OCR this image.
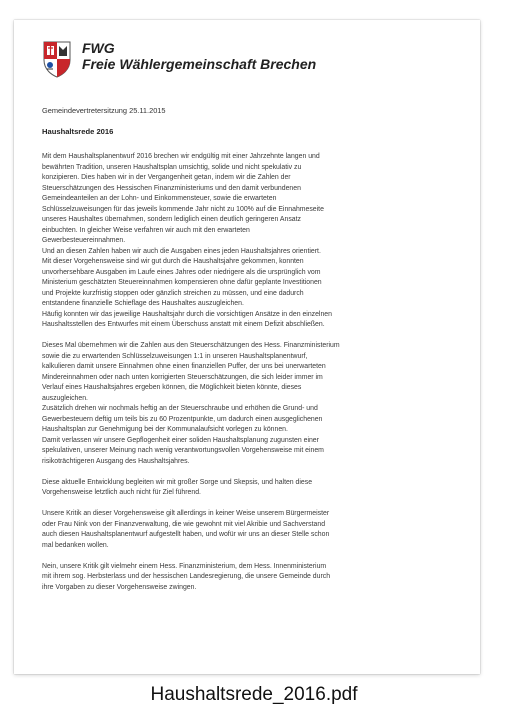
FWG
Freie Wählergemeinschaft Brechen
Gemeindevertretersitzung 25.11.2015
Haushaltsrede 2016

Mit dem Haushaltsplanentwurf 2016 brechen wir endgültig mit einer Jahrzehnte langen und

bewährten Tradition, unseren Haushaltsplan umsichtig, solide und nicht spekulativ zu

konzipieren. Dies haben wir in der Vergangenheit getan, indem wir die Zahlen der

Steuerschätzungen des Hessischen Finanzministeriums und den damit verbundenen

Gemeindeanteilen an der Lohn- und Einkommensteuer, sowie die erwarteten

Schlüsselzuweisungen für das jeweils kommende Jahr nicht zu 100% auf die Einnahmeseite

unseres Haushaltes übernahmen, sondern lediglich einen deutlich geringeren Ansatz

einbuchten. In gleicher Weise verfahren wir auch mit den erwarteten

Gewerbesteuereinnahmen.

Und an diesen Zahlen haben wir auch die Ausgaben eines jeden Haushaltsjahres orientiert.

Mit dieser Vorgehensweise sind wir gut durch die Haushaltsjahre gekommen, konnten

unvorhersehbare Ausgaben im Laufe eines Jahres oder niedrigere als die ursprünglich vom

Ministerium geschätzten Steuereinnahmen kompensieren ohne dafür geplante Investitionen

und Projekte kurzfristig stoppen oder gänzlich streichen zu müssen, und eine dadurch

entstandene finanzielle Schieflage des Haushaltes auszugleichen.

Häufig konnten wir das jeweilige Haushaltsjahr durch die vorsichtigen Ansätze in den einzelnen

Haushaltsstellen des Entwurfes mit einem Überschuss anstatt mit einem Defizit abschließen.

Dieses Mal übernehmen wir die Zahlen aus den Steuerschätzungen des Hess. Finanzministerium

sowie die zu erwartenden Schlüsselzuweisungen 1:1 in unseren Haushaltsplanentwurf,

kalkulieren damit unsere Einnahmen ohne einen finanziellen Puffer, der uns bei unerwarteten

Mindereinnahmen oder nach unten korrigierten Steuerschätzungen, die sich leider immer im

Verlauf eines Haushaltsjahres ergeben können, die Möglichkeit bieten könnte, dieses

auszugleichen.

Zusätzlich drehen wir nochmals heftig an der Steuerschraube und erhöhen die Grund- und

Gewerbesteuern deftig um teils bis zu 60 Prozentpunkte, um dadurch einen ausgeglichenen

Haushaltsplan zur Genehmigung bei der Kommunalaufsicht vorlegen zu können.

Damit verlassen wir unsere Gepflogenheit einer soliden Haushaltsplanung zugunsten einer

spekulativen, unserer Meinung nach wenig verantwortungsvollen Vorgehensweise mit einem

risikoträchtigeren Ausgang des Haushaltsjahres.

Diese aktuelle Entwicklung begleiten wir mit großer Sorge und Skepsis, und halten diese

Vorgehensweise letztlich auch nicht für Ziel führend.

Unsere Kritik an dieser Vorgehensweise gilt allerdings in keiner Weise unserem Bürgermeister

oder Frau Nink von der Finanzverwaltung, die wie gewohnt mit viel Akribie und Sachverstand

auch diesen Haushaltsplanentwurf aufgestellt haben, und wofür wir uns an dieser Stelle schon

mal bedanken wollen.

Nein, unsere Kritik gilt vielmehr einem Hess. Finanzministerium, dem Hess. Innenministerium

mit ihrem sog. Herbsterlass und der hessischen Landesregierung, die unsere Gemeinde durch

ihre Vorgaben zu dieser Vorgehensweise zwingen.

Haushaltsrede_2016.pdf
